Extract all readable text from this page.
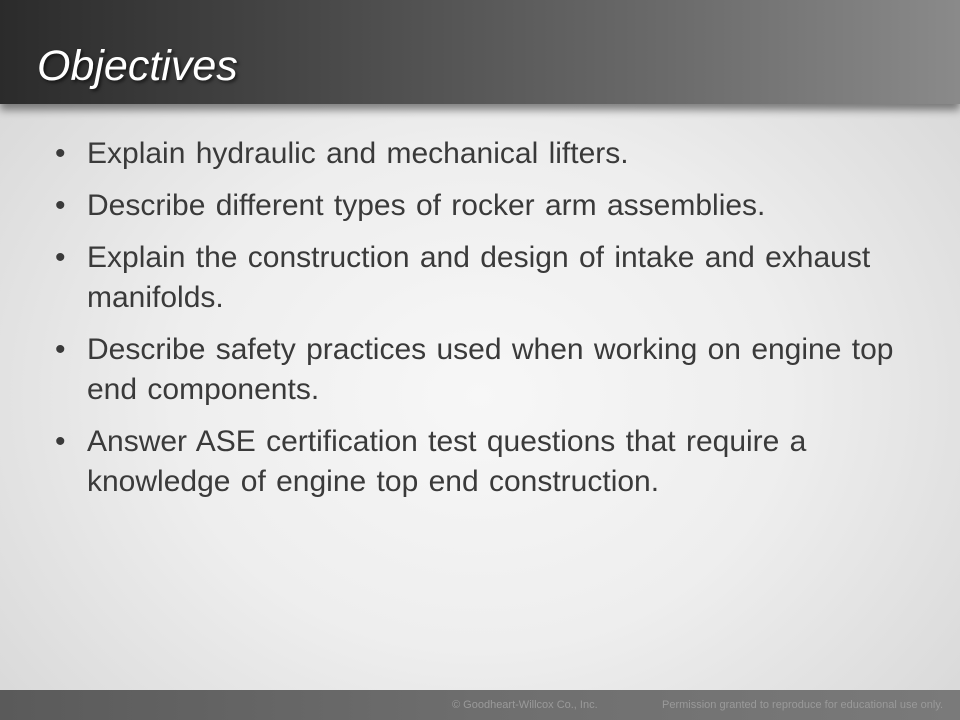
Objectives
• Explain hydraulic and mechanical lifters.
• Describe different types of rocker arm assemblies.
• Explain the construction and design of intake and exhaust manifolds.
• Describe safety practices used when working on engine top end components.
• Answer ASE certification test questions that require a knowledge of engine top end construction.
© Goodheart-Willcox Co., Inc.	Permission granted to reproduce for educational use only.
